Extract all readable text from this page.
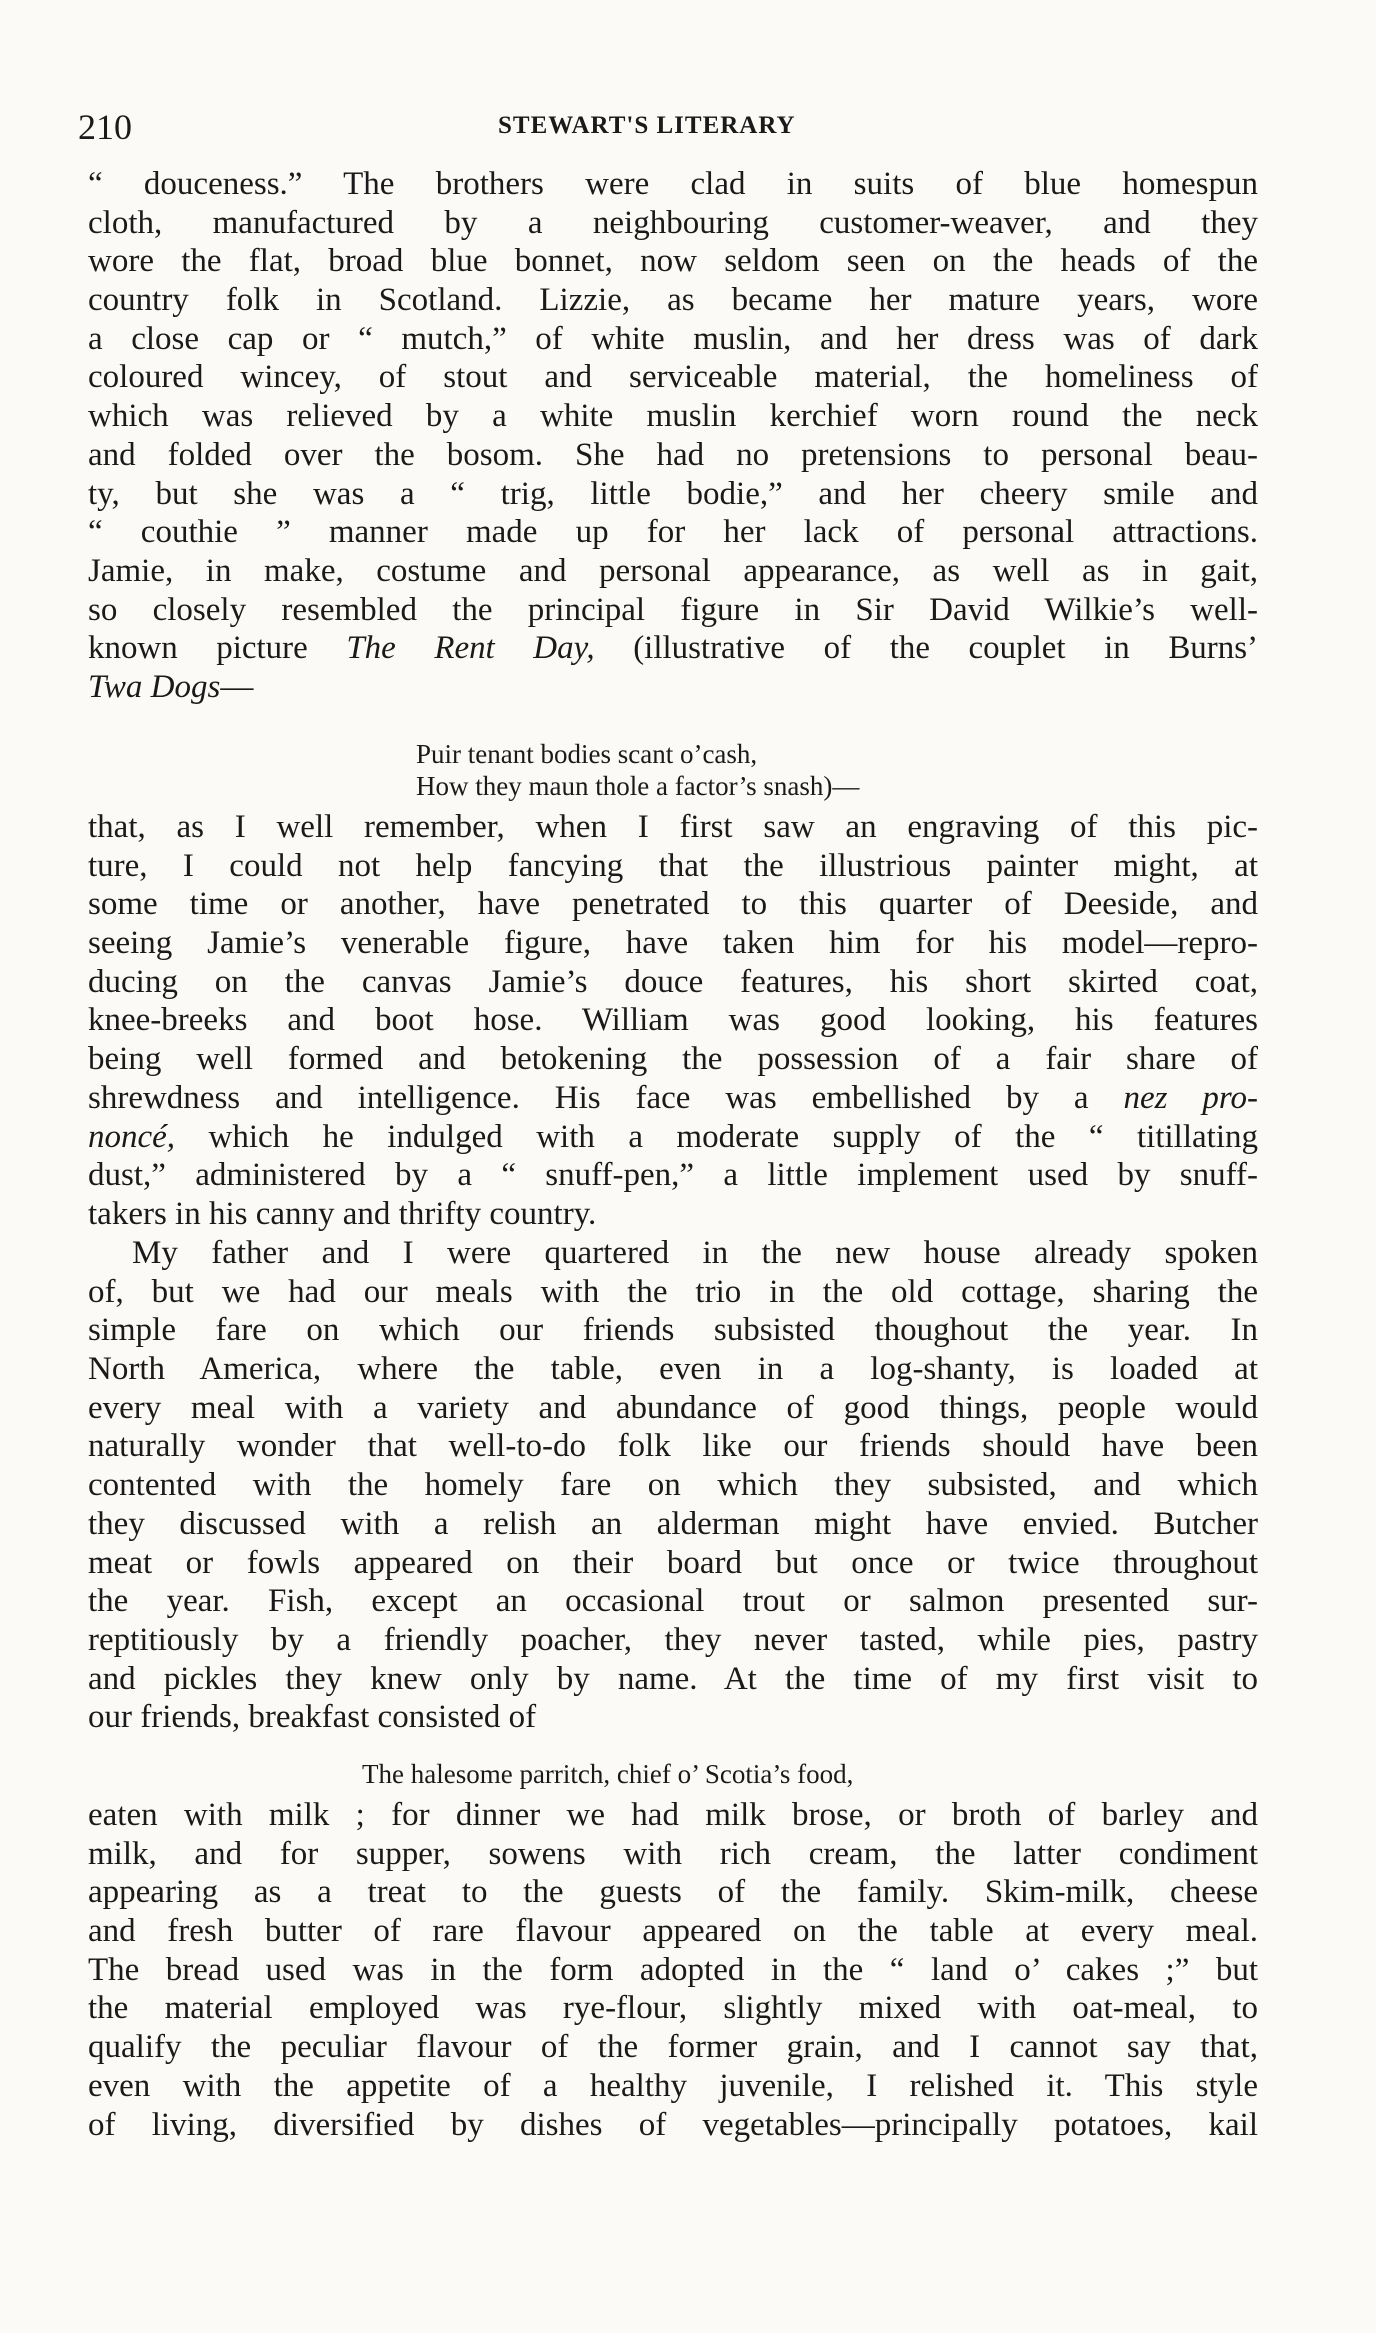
210	STEWART'S LITERARY
“ douceness.” The brothers were clad in suits of blue homespun
cloth, manufactured by a neighbouring customer-weaver, and they
wore the flat, broad blue bonnet, now seldom seen on the heads of the
country folk in Scotland. Lizzie, as became her mature years, wore
a close cap or “ mutch,” of white muslin, and her dress was of dark
coloured wincey, of stout and serviceable material, the homeliness of
which was relieved by a white muslin kerchief worn round the neck
and folded over the bosom. She had no pretensions to personal beau-
ty, but she was a “ trig, little bodie,” and her cheery smile and
“ couthie ” manner made up for her lack of personal attractions.
Jamie, in make, costume and personal appearance, as well as in gait,
so closely resembled the principal figure in Sir David Wilkie’s well-
known picture The Rent Day, (illustrative of the couplet in Burns’
Twa Dogs—
Puir tenant bodies scant o’cash,
How they maun thole a factor’s snash)—
that, as I well remember, when I first saw an engraving of this pic-
ture, I could not help fancying that the illustrious painter might, at
some time or another, have penetrated to this quarter of Deeside, and
seeing Jamie’s venerable figure, have taken him for his model—repro-
ducing on the canvas Jamie’s douce features, his short skirted coat,
knee-breeks and boot hose. William was good looking, his features
being well formed and betokening the possession of a fair share of
shrewdness and intelligence. His face was embellished by a nez pro-
noncé, which he indulged with a moderate supply of the “ titillating
dust,” administered by a “ snuff-pen,” a little implement used by snuff-
takers in his canny and thrifty country.
My father and I were quartered in the new house already spoken
of, but we had our meals with the trio in the old cottage, sharing the
simple fare on which our friends subsisted thoughout the year. In
North America, where the table, even in a log-shanty, is loaded at
every meal with a variety and abundance of good things, people would
naturally wonder that well-to-do folk like our friends should have been
contented with the homely fare on which they subsisted, and which
they discussed with a relish an alderman might have envied. Butcher
meat or fowls appeared on their board but once or twice throughout
the year. Fish, except an occasional trout or salmon presented sur-
reptitiously by a friendly poacher, they never tasted, while pies, pastry
and pickles they knew only by name. At the time of my first visit to
our friends, breakfast consisted of
The halesome parritch, chief o’ Scotia’s food,
eaten with milk ; for dinner we had milk brose, or broth of barley and
milk, and for supper, sowens with rich cream, the latter condiment
appearing as a treat to the guests of the family. Skim-milk, cheese
and fresh butter of rare flavour appeared on the table at every meal.
The bread used was in the form adopted in the “ land o’ cakes ;” but
the material employed was rye-flour, slightly mixed with oat-meal, to
qualify the peculiar flavour of the former grain, and I cannot say that,
even with the appetite of a healthy juvenile, I relished it. This style
of living, diversified by dishes of vegetables—principally potatoes, kail
